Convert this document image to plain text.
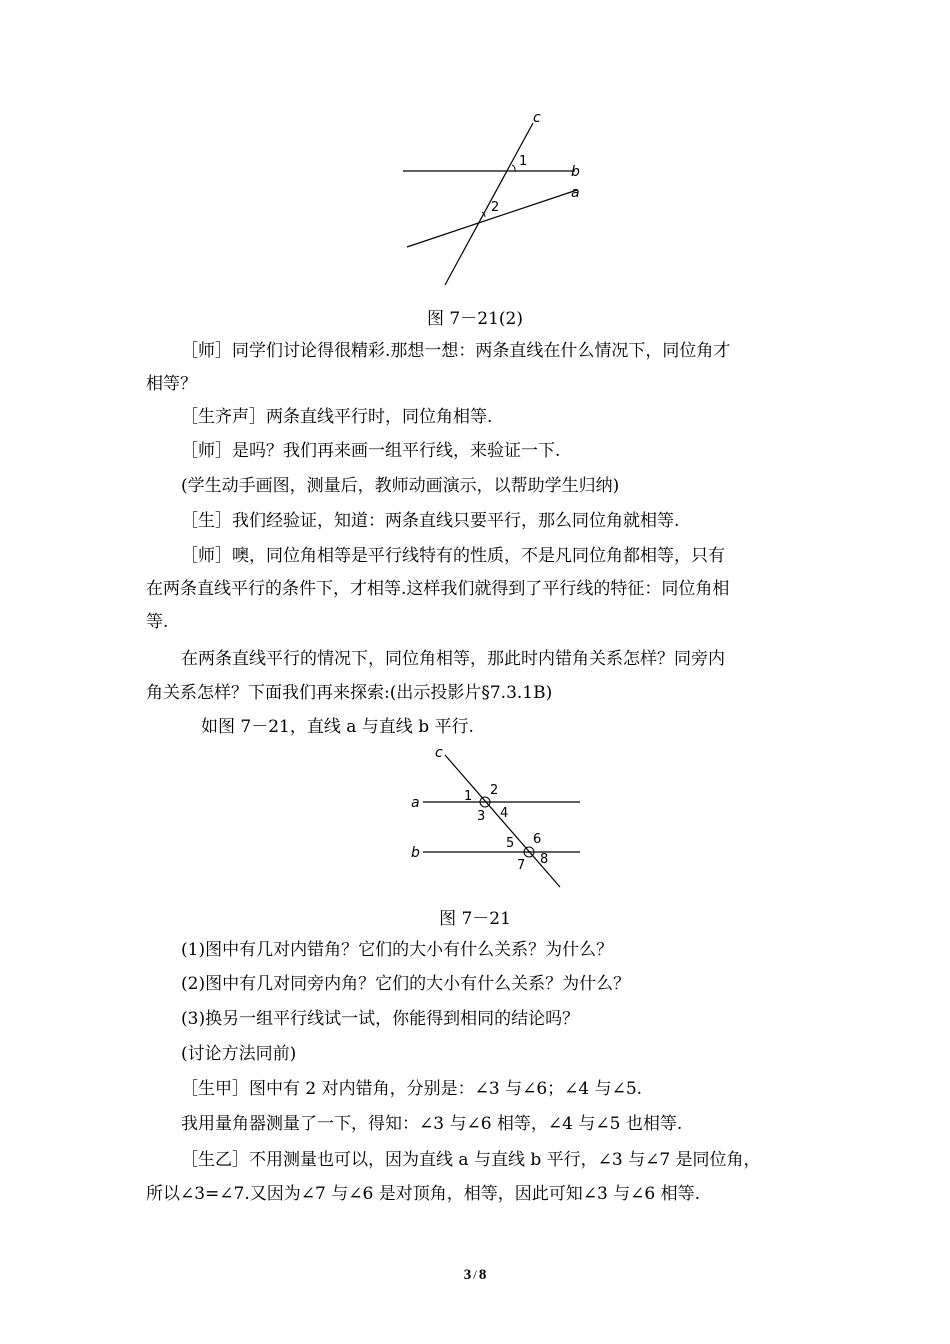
c
b
a
1
2
图 7－21(2)
［师］同学们讨论得很精彩.那想一想：两条直线在什么情况下，同位角才
相等？
［生齐声］两条直线平行时，同位角相等.
［师］是吗？我们再来画一组平行线，来验证一下.
(学生动手画图，测量后，教师动画演示，以帮助学生归纳)
［生］我们经验证，知道：两条直线只要平行，那么同位角就相等.
［师］噢，同位角相等是平行线特有的性质，不是凡同位角都相等，只有
在两条直线平行的条件下，才相等.这样我们就得到了平行线的特征：同位角相
等.
在两条直线平行的情况下，同位角相等，那此时内错角关系怎样？同旁内
角关系怎样？下面我们再来探索:(出示投影片§7.3.1B)
如图 7－21，直线 a 与直线 b 平行.
c
a
b
1 2
3 4
5 6
7 8
图 7－21
(1)图中有几对内错角？它们的大小有什么关系？为什么？
(2)图中有几对同旁内角？它们的大小有什么关系？为什么？
(3)换另一组平行线试一试，你能得到相同的结论吗？
(讨论方法同前)
［生甲］图中有 2 对内错角，分别是：∠3 与∠6；∠4 与∠5.
我用量角器测量了一下，得知：∠3 与∠6 相等，∠4 与∠5 也相等.
［生乙］不用测量也可以，因为直线 a 与直线 b 平行，∠3 与∠7 是同位角，
所以∠3=∠7.又因为∠7 与∠6 是对顶角，相等，因此可知∠3 与∠6 相等.
3 / 8
